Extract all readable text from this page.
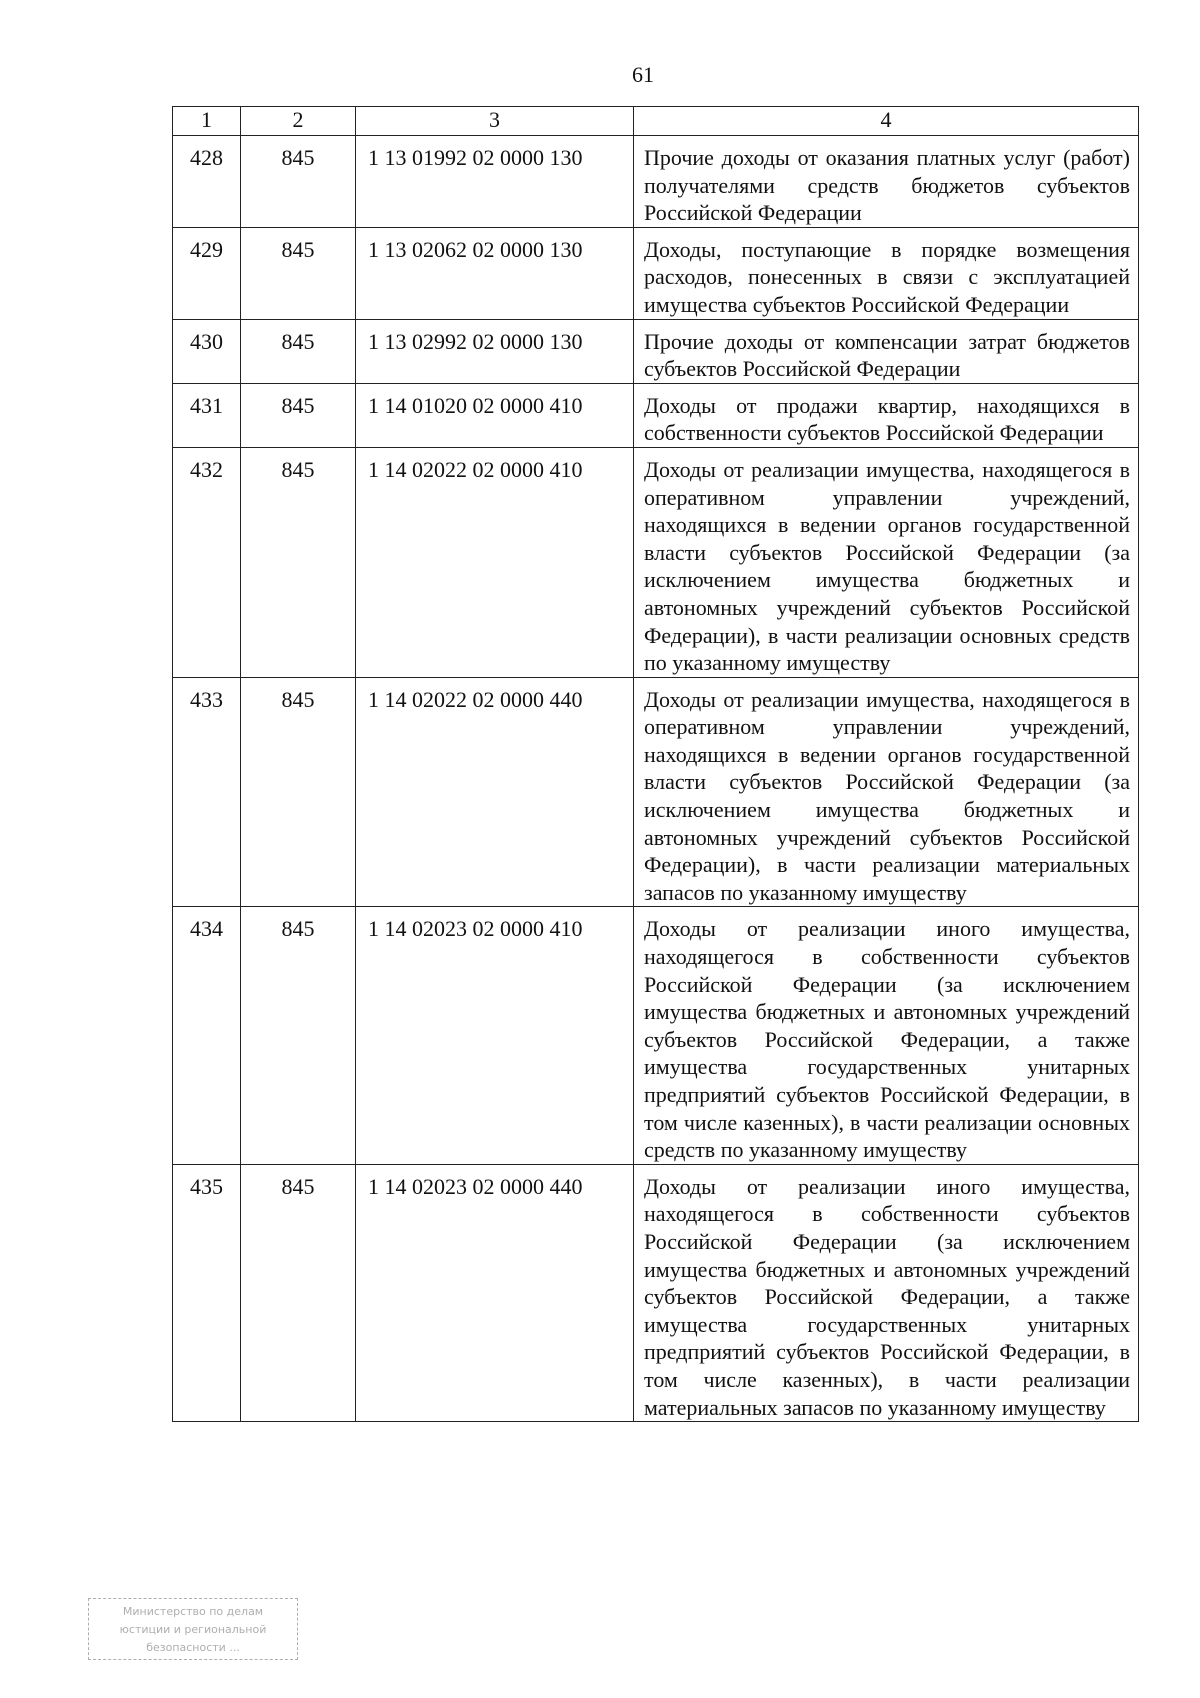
61
1	2	3	4
428	845	1 13 01992 02 0000 130	Прочие доходы от оказания платных услуг (работ) получателями средств бюджетов субъектов Российской Федерации
429	845	1 13 02062 02 0000 130	Доходы, поступающие в порядке возмещения расходов, понесенных в связи с эксплуатацией имущества субъектов Российской Федерации
430	845	1 13 02992 02 0000 130	Прочие доходы от компенсации затрат бюджетов субъектов Российской Федерации
431	845	1 14 01020 02 0000 410	Доходы от продажи квартир, находящихся в собственности субъектов Российской Федерации
432	845	1 14 02022 02 0000 410	Доходы от реализации имущества, находящегося в оперативном управлении учреждений, находящихся в ведении органов государственной власти субъектов Российской Федерации (за исключением имущества бюджетных и автономных учреждений субъектов Российской Федерации), в части реализации основных средств по указанному имуществу
433	845	1 14 02022 02 0000 440	Доходы от реализации имущества, находящегося в оперативном управлении учреждений, находящихся в ведении органов государственной власти субъектов Российской Федерации (за исключением имущества бюджетных и автономных учреждений субъектов Российской Федерации), в части реализации материальных запасов по указанному имуществу
434	845	1 14 02023 02 0000 410	Доходы от реализации иного имущества, находящегося в собственности субъектов Российской Федерации (за исключением имущества бюджетных и автономных учреждений субъектов Российской Федерации, а также имущества государственных унитарных предприятий субъектов Российской Федерации, в том числе казенных), в части реализации основных средств по указанному имуществу
435	845	1 14 02023 02 0000 440	Доходы от реализации иного имущества, находящегося в собственности субъектов Российской Федерации (за исключением имущества бюджетных и автономных учреждений субъектов Российской Федерации, а также имущества государственных унитарных предприятий субъектов Российской Федерации, в том числе казенных), в части реализации материальных запасов по указанному имуществу
Министерство по делам
юстиции и региональной
безопасности ...
